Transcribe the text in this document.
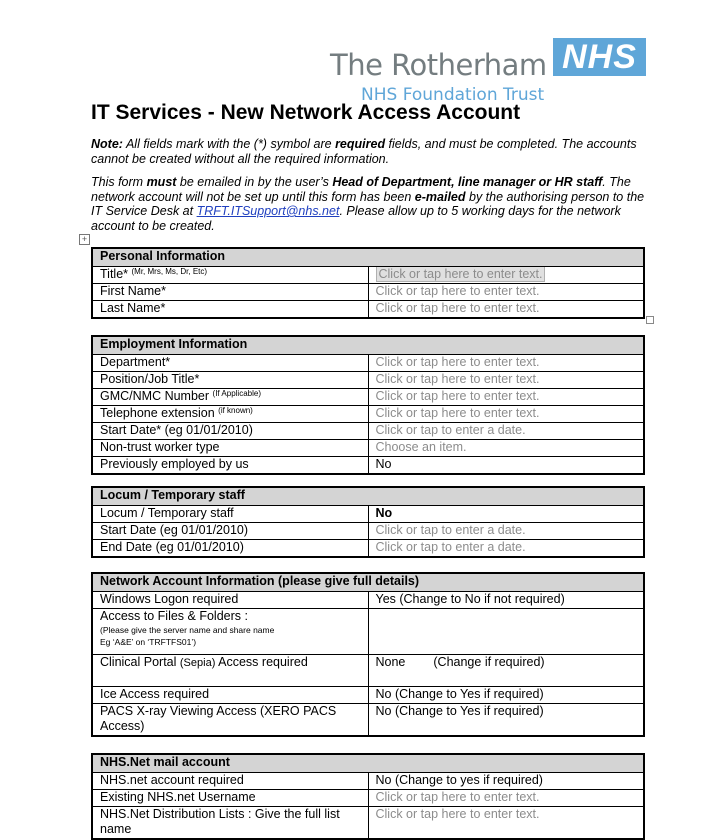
The Rotherham NHS
NHS Foundation Trust
IT Services - New Network Access Account
Note: All fields mark with the (*) symbol are required fields, and must be completed. The accounts cannot be created without all the required information.
This form must be emailed in by the user’s Head of Department, line manager or HR staff. The network account will not be set up until this form has been e-mailed by the authorising person to the IT Service Desk at TRFT.ITSupport@nhs.net. Please allow up to 5 working days for the network account to be created.
+
Personal Information	
Title* $^{(Mr, Mrs, Ms, Dr, Etc)}$	Click or tap here to enter text.
First Name*	Click or tap here to enter text.
Last Name*	Click or tap here to enter text.
Employment Information	
Department*	Click or tap here to enter text.
Position/Job Title*	Click or tap here to enter text.
GMC/NMC Number $^{(If Applicable)}$	Click or tap here to enter text.
Telephone extension $^{(if known)}$	Click or tap here to enter text.
Start Date* (eg 01/01/2010)	Click or tap to enter a date.
Non-trust worker type	Choose an item.
Previously employed by us	No
Locum / Temporary staff	
Locum / Temporary staff	No
Start Date (eg 01/01/2010)	Click or tap to enter a date.
End Date (eg 01/01/2010)	Click or tap to enter a date.
Network Account Information (please give full details)	
Windows Logon required	Yes (Change to No if not required)
Access to Files & Folders :
(Please give the server name and share name
Eg ‘A&E’ on ‘TRFTFS01’)	

Clinical Portal (Sepia) Access required	None (Change if required)
Ice Access required	No (Change to Yes if required)
PACS X-ray Viewing Access (XERO PACS Access)	No (Change to Yes if required)
NHS.Net mail account	
NHS.net account required	No (Change to yes if required)
Existing NHS.net Username	Click or tap here to enter text.
NHS.Net Distribution Lists : Give the full list name	Click or tap here to enter text.
